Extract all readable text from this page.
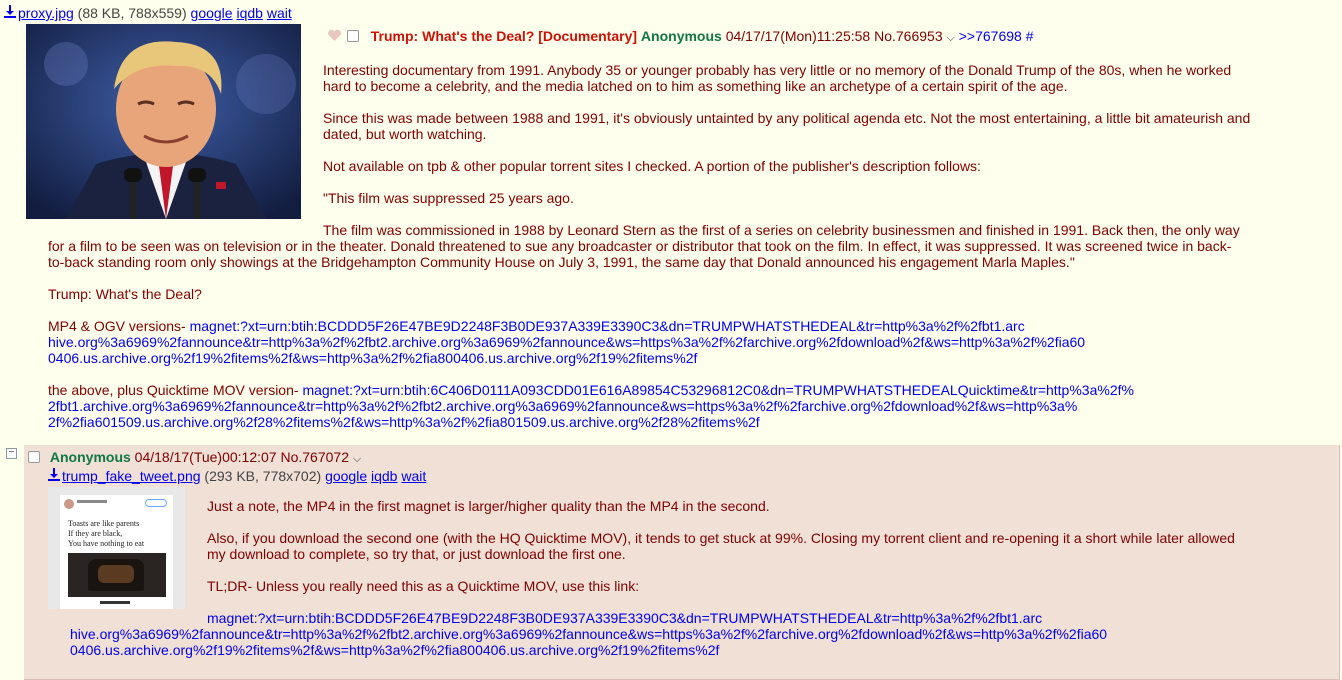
proxy.jpg (88 KB, 788x559) google iqdb wait
Trump: What's the Deal? [Documentary] Anonymous 04/17/17(Mon)11:25:58 No.766953 ⌵ >>767698 #

Interesting documentary from 1991. Anybody 35 or younger probably has very little or no memory of the Donald Trump of the 80s, when he worked
hard to become a celebrity, and the media latched on to him as something like an archetype of a certain spirit of the age.

Since this was made between 1988 and 1991, it's obviously untainted by any political agenda etc. Not the most entertaining, a little bit amateurish and
dated, but worth watching.

Not available on tpb & other popular torrent sites I checked. A portion of the publisher's description follows:

"This film was suppressed 25 years ago.

The film was commissioned in 1988 by Leonard Stern as the first of a series on celebrity businessmen and finished in 1991. Back then, the only way

for a film to be seen was on television or in the theater. Donald threatened to sue any broadcaster or distributor that took on the film. In effect, it was suppressed. It was screened twice in back-
to-back standing room only showings at the Bridgehampton Community House on July 3, 1991, the same day that Donald announced his engagement Marla Maples."

Trump: What's the Deal?

MP4 & OGV versions- magnet:?xt=urn:btih:BCDDD5F26E47BE9D2248F3B0DE937A339E3390C3&dn=TRUMPWHATSTHEDEAL&tr=http%3a%2f%2fbt1.arc
hive.org%3a6969%2fannounce&tr=http%3a%2f%2fbt2.archive.org%3a6969%2fannounce&ws=https%3a%2f%2farchive.org%2fdownload%2f&ws=http%3a%2f%2fia60
0406.us.archive.org%2f19%2fitems%2f&ws=http%3a%2f%2fia800406.us.archive.org%2f19%2fitems%2f

the above, plus Quicktime MOV version- magnet:?xt=urn:btih:6C406D0111A093CDD01E616A89854C53296812C0&dn=TRUMPWHATSTHEDEALQuicktime&tr=http%3a%2f%
2fbt1.archive.org%3a6969%2fannounce&tr=http%3a%2f%2fbt2.archive.org%3a6969%2fannounce&ws=https%3a%2f%2farchive.org%2fdownload%2f&ws=http%3a%
2f%2fia601509.us.archive.org%2f28%2fitems%2f&ws=http%3a%2f%2fia801509.us.archive.org%2f28%2fitems%2f

−	Anonymous 04/18/17(Tue)00:12:07 No.767072 ⌵
trump_fake_tweet.png (293 KB, 778x702) google iqdb wait
Toasts are like parents
If they are black,
You have nothing to eat

Just a note, the MP4 in the first magnet is larger/higher quality than the MP4 in the second.

Also, if you download the second one (with the HQ Quicktime MOV), it tends to get stuck at 99%. Closing my torrent client and re-opening it a short while later allowed
my download to complete, so try that, or just download the first one.

TL;DR- Unless you really need this as a Quicktime MOV, use this link:

magnet:?xt=urn:btih:BCDDD5F26E47BE9D2248F3B0DE937A339E3390C3&dn=TRUMPWHATSTHEDEAL&tr=http%3a%2f%2fbt1.arc

hive.org%3a6969%2fannounce&tr=http%3a%2f%2fbt2.archive.org%3a6969%2fannounce&ws=https%3a%2f%2farchive.org%2fdownload%2f&ws=http%3a%2f%2fia60
0406.us.archive.org%2f19%2fitems%2f&ws=http%3a%2f%2fia800406.us.archive.org%2f19%2fitems%2f
